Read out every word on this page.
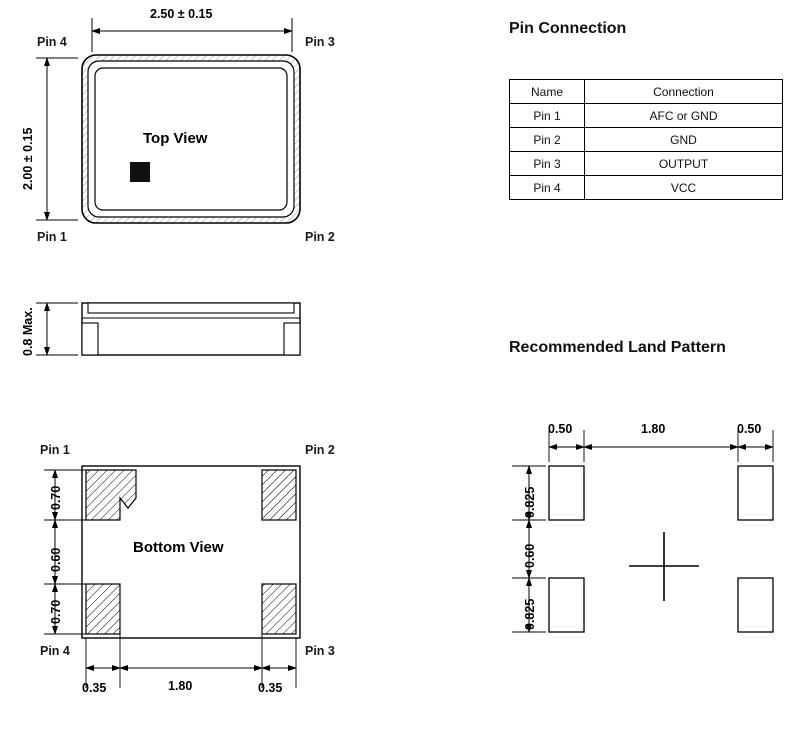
2.50 ± 0.15
2.00 ± 0.15
Pin 4	Pin 3
Pin 1	Pin 2
Top View
0.8 Max.
Pin 1	Pin 2
Pin 4	Pin 3
Bottom View
0.70
0.60
0.70
0.35	1.80	0.35
Pin Connection
Recommended Land Pattern
Name	Connection
Pin 1	AFC or GND
Pin 2	GND
Pin 3	OUTPUT
Pin 4	VCC
0.50	1.80	0.50
0.825
0.60
0.825
